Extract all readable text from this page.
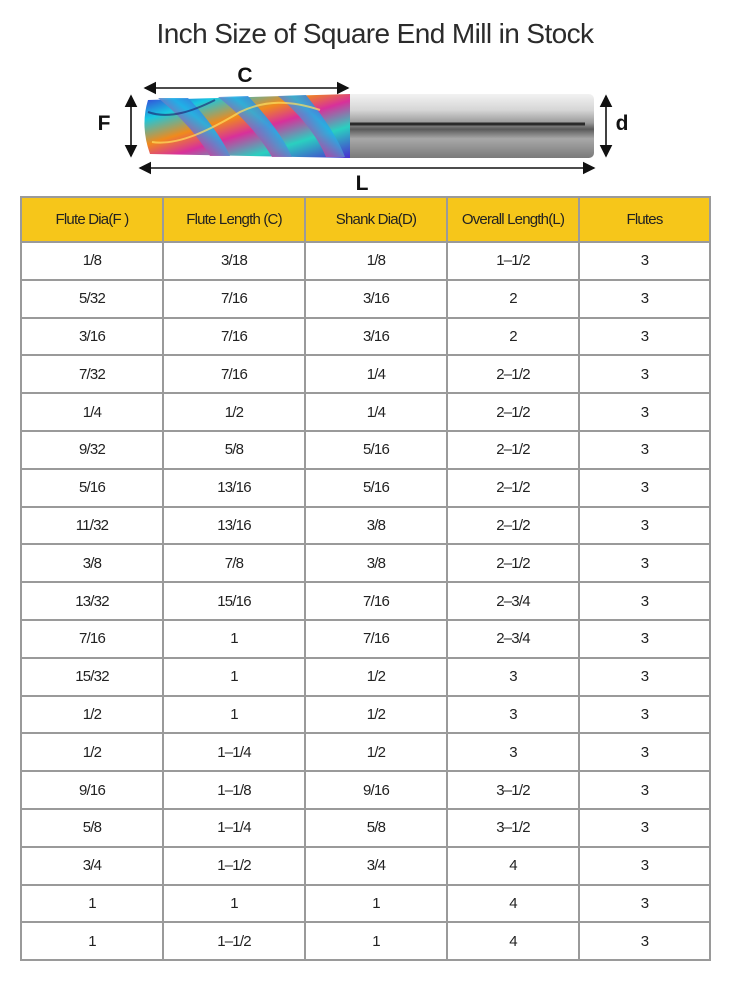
Inch Size of Square End Mill in Stock
C
F	d
L
Flute Dia(F )	Flute Length (C)	Shank Dia(D)	Overall Length(L)	Flutes
1/8	3/18	1/8	1–1/2	3
5/32	7/16	3/16	2	3
3/16	7/16	3/16	2	3
7/32	7/16	1/4	2–1/2	3
1/4	1/2	1/4	2–1/2	3
9/32	5/8	5/16	2–1/2	3
5/16	13/16	5/16	2–1/2	3
11/32	13/16	3/8	2–1/2	3
3/8	7/8	3/8	2–1/2	3
13/32	15/16	7/16	2–3/4	3
7/16	1	7/16	2–3/4	3
15/32	1	1/2	3	3
1/2	1	1/2	3	3
1/2	1–1/4	1/2	3	3
9/16	1–1/8	9/16	3–1/2	3
5/8	1–1/4	5/8	3–1/2	3
3/4	1–1/2	3/4	4	3
1	1	1	4	3
1	1–1/2	1	4	3
